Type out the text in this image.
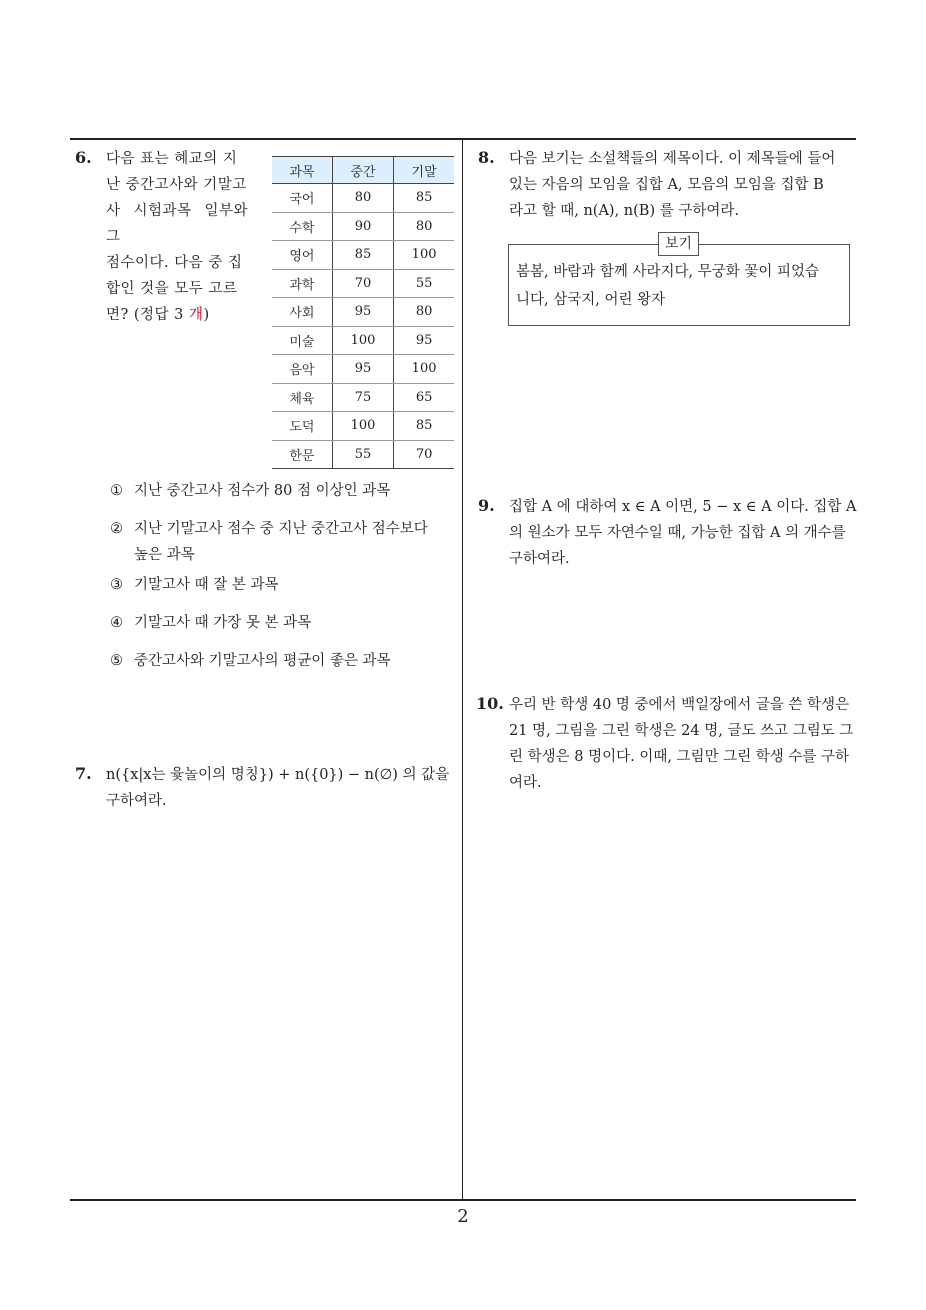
6. 다음 표는 혜교의 지
난 중간고사와 기말고
사 시험과목 일부와 그
점수이다. 다음 중 집
합인 것을 모두 고르
면? (정답 3 개)
과목	중간	기말
국어	80	85
수학	90	80
영어	85	100
과학	70	55
사회	95	80
미술	100	95
음악	95	100
체육	75	65
도덕	100	85
한문	55	70
① 지난 중간고사 점수가 80 점 이상인 과목
② 지난 기말고사 점수 중 지난 중간고사 점수보다
높은 과목
③ 기말고사 때 잘 본 과목
④ 기말고사 때 가장 못 본 과목
⑤ 중간고사와 기말고사의 평균이 좋은 과목
7. n({x|x는 윷놀이의 명칭}) + n({0}) − n(∅) 의 값을
구하여라.
8. 다음 보기는 소설책들의 제목이다. 이 제목들에 들어
있는 자음의 모임을 집합 A, 모음의 모임을 집합 B
라고 할 때, n(A), n(B) 를 구하여라.
보기
봄봄, 바람과 함께 사라지다, 무궁화 꽃이 피었습
니다, 삼국지, 어린 왕자
9. 집합 A 에 대하여 x ∈ A 이면, 5 − x ∈ A 이다. 집합 A
의 원소가 모두 자연수일 때, 가능한 집합 A 의 개수를
구하여라.
10. 우리 반 학생 40 명 중에서 백일장에서 글을 쓴 학생은
21 명, 그림을 그린 학생은 24 명, 글도 쓰고 그림도 그
린 학생은 8 명이다. 이때, 그림만 그린 학생 수를 구하
여라.
2
